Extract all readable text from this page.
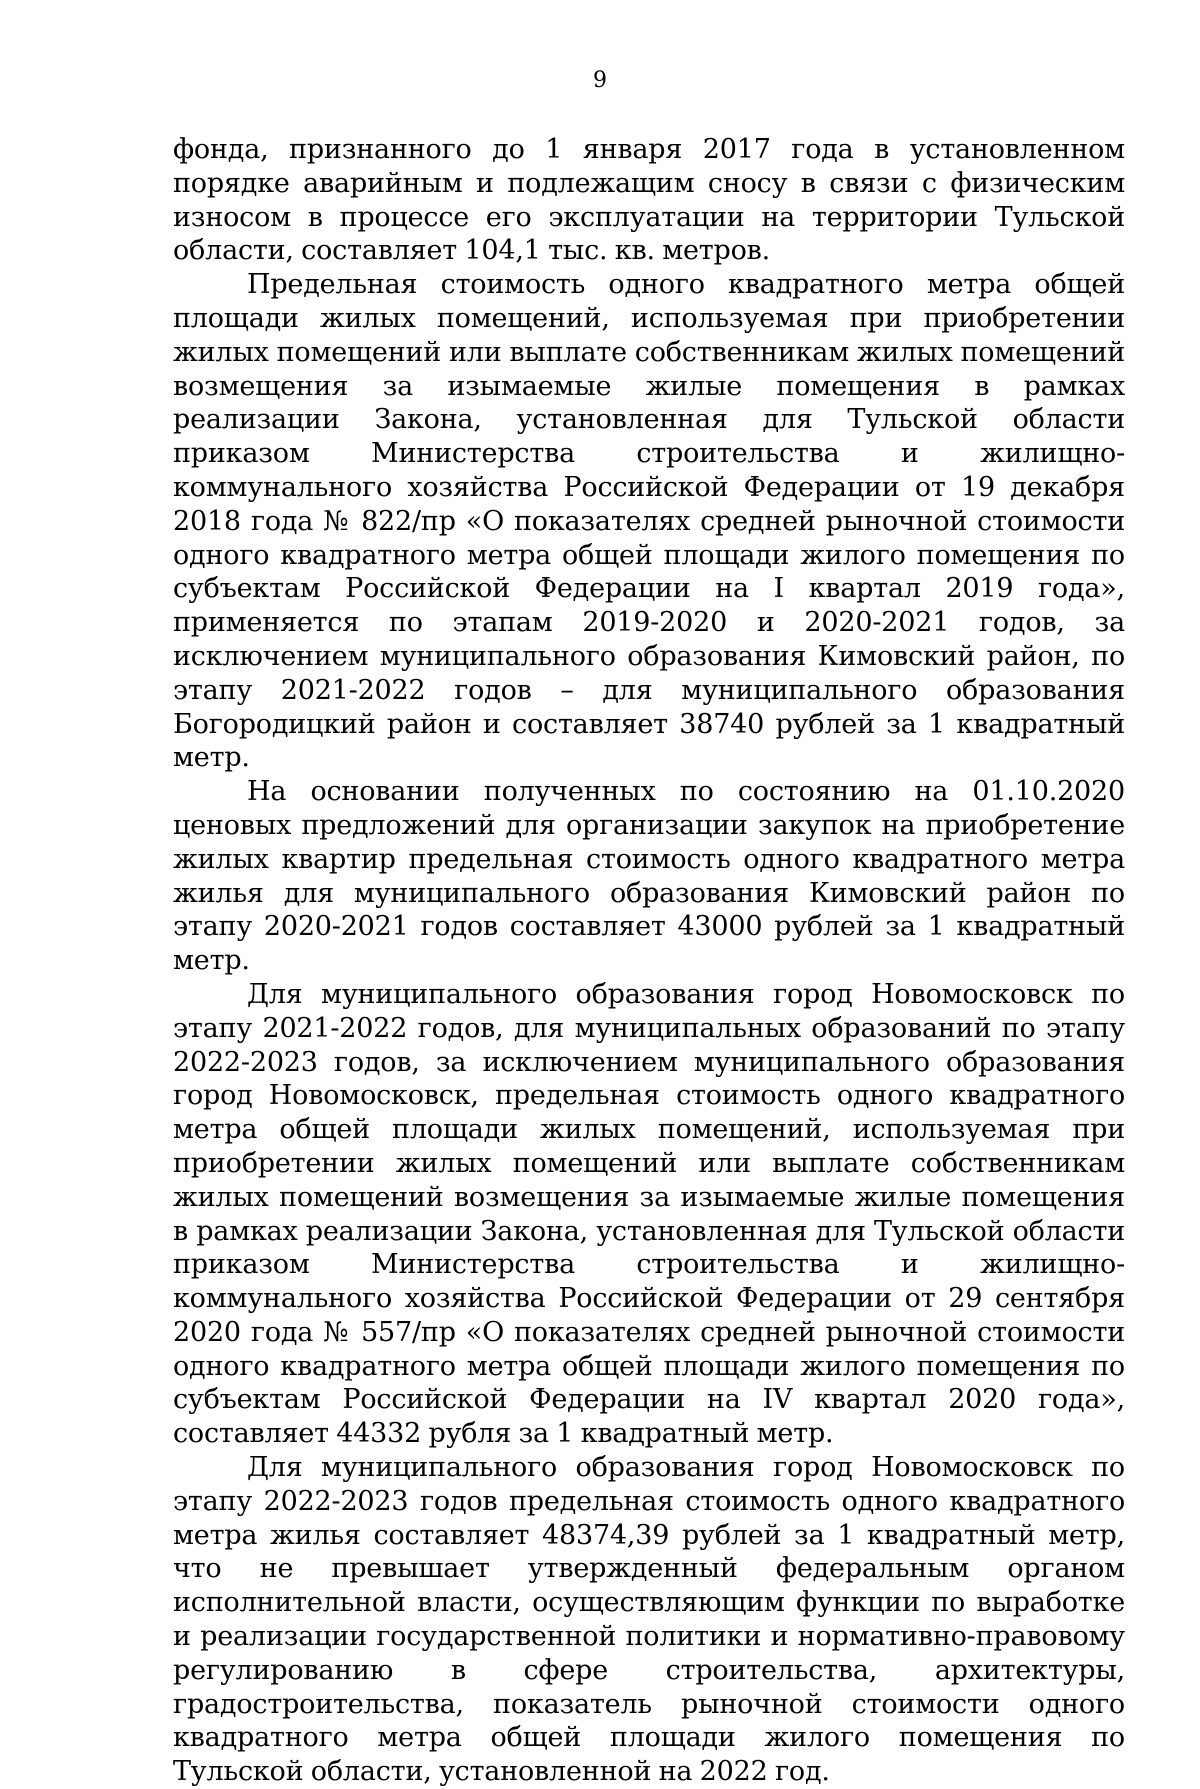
9

фонда, признанного до 1 января 2017 года в установленном порядке аварийным и подлежащим сносу в связи с физическим износом в процессе его эксплуатации на территории Тульской области, составляет 104,1 тыс. кв. метров.

Предельная стоимость одного квадратного метра общей площади жилых помещений, используемая при приобретении жилых помещений или выплате собственникам жилых помещений возмещения за изымаемые жилые помещения в рамках реализации Закона, установленная для Тульской области приказом Министерства строительства и жилищно-коммунального хозяйства Российской Федерации от 19 декабря 2018 года № 822/пр «О показателях средней рыночной стоимости одного квадратного метра общей площади жилого помещения по субъектам Российской Федерации на I квартал 2019 года», применяется по этапам 2019-2020 и 2020-2021 годов, за исключением муниципального образования Кимовский район, по этапу 2021-2022 годов – для муниципального образования Богородицкий район и составляет 38740 рублей за 1 квадратный метр.

На основании полученных по состоянию на 01.10.2020 ценовых предложений для организации закупок на приобретение жилых квартир предельная стоимость одного квадратного метра жилья для муниципального образования Кимовский район по этапу 2020-2021 годов составляет 43000 рублей за 1 квадратный метр.

Для муниципального образования город Новомосковск по этапу 2021-2022 годов, для муниципальных образований по этапу 2022-2023 годов, за исключением муниципального образования город Новомосковск, предельная стоимость одного квадратного метра общей площади жилых помещений, используемая при приобретении жилых помещений или выплате собственникам жилых помещений возмещения за изымаемые жилые помещения в рамках реализации Закона, установленная для Тульской области приказом Министерства строительства и жилищно-коммунального хозяйства Российской Федерации от 29 сентября 2020 года № 557/пр «О показателях средней рыночной стоимости одного квадратного метра общей площади жилого помещения по субъектам Российской Федерации на IV квартал 2020 года», составляет 44332 рубля за 1 квадратный метр.

Для муниципального образования город Новомосковск по этапу 2022-2023 годов предельная стоимость одного квадратного метра жилья составляет 48374,39 рублей за 1 квадратный метр, что не превышает утвержденный федеральным органом исполнительной власти, осуществляющим функции по выработке и реализации государственной политики и нормативно-правовому регулированию в сфере строительства, архитектуры, градостроительства, показатель рыночной стоимости одного квадратного метра общей площади жилого помещения по Тульской области, установленной на 2022 год.
